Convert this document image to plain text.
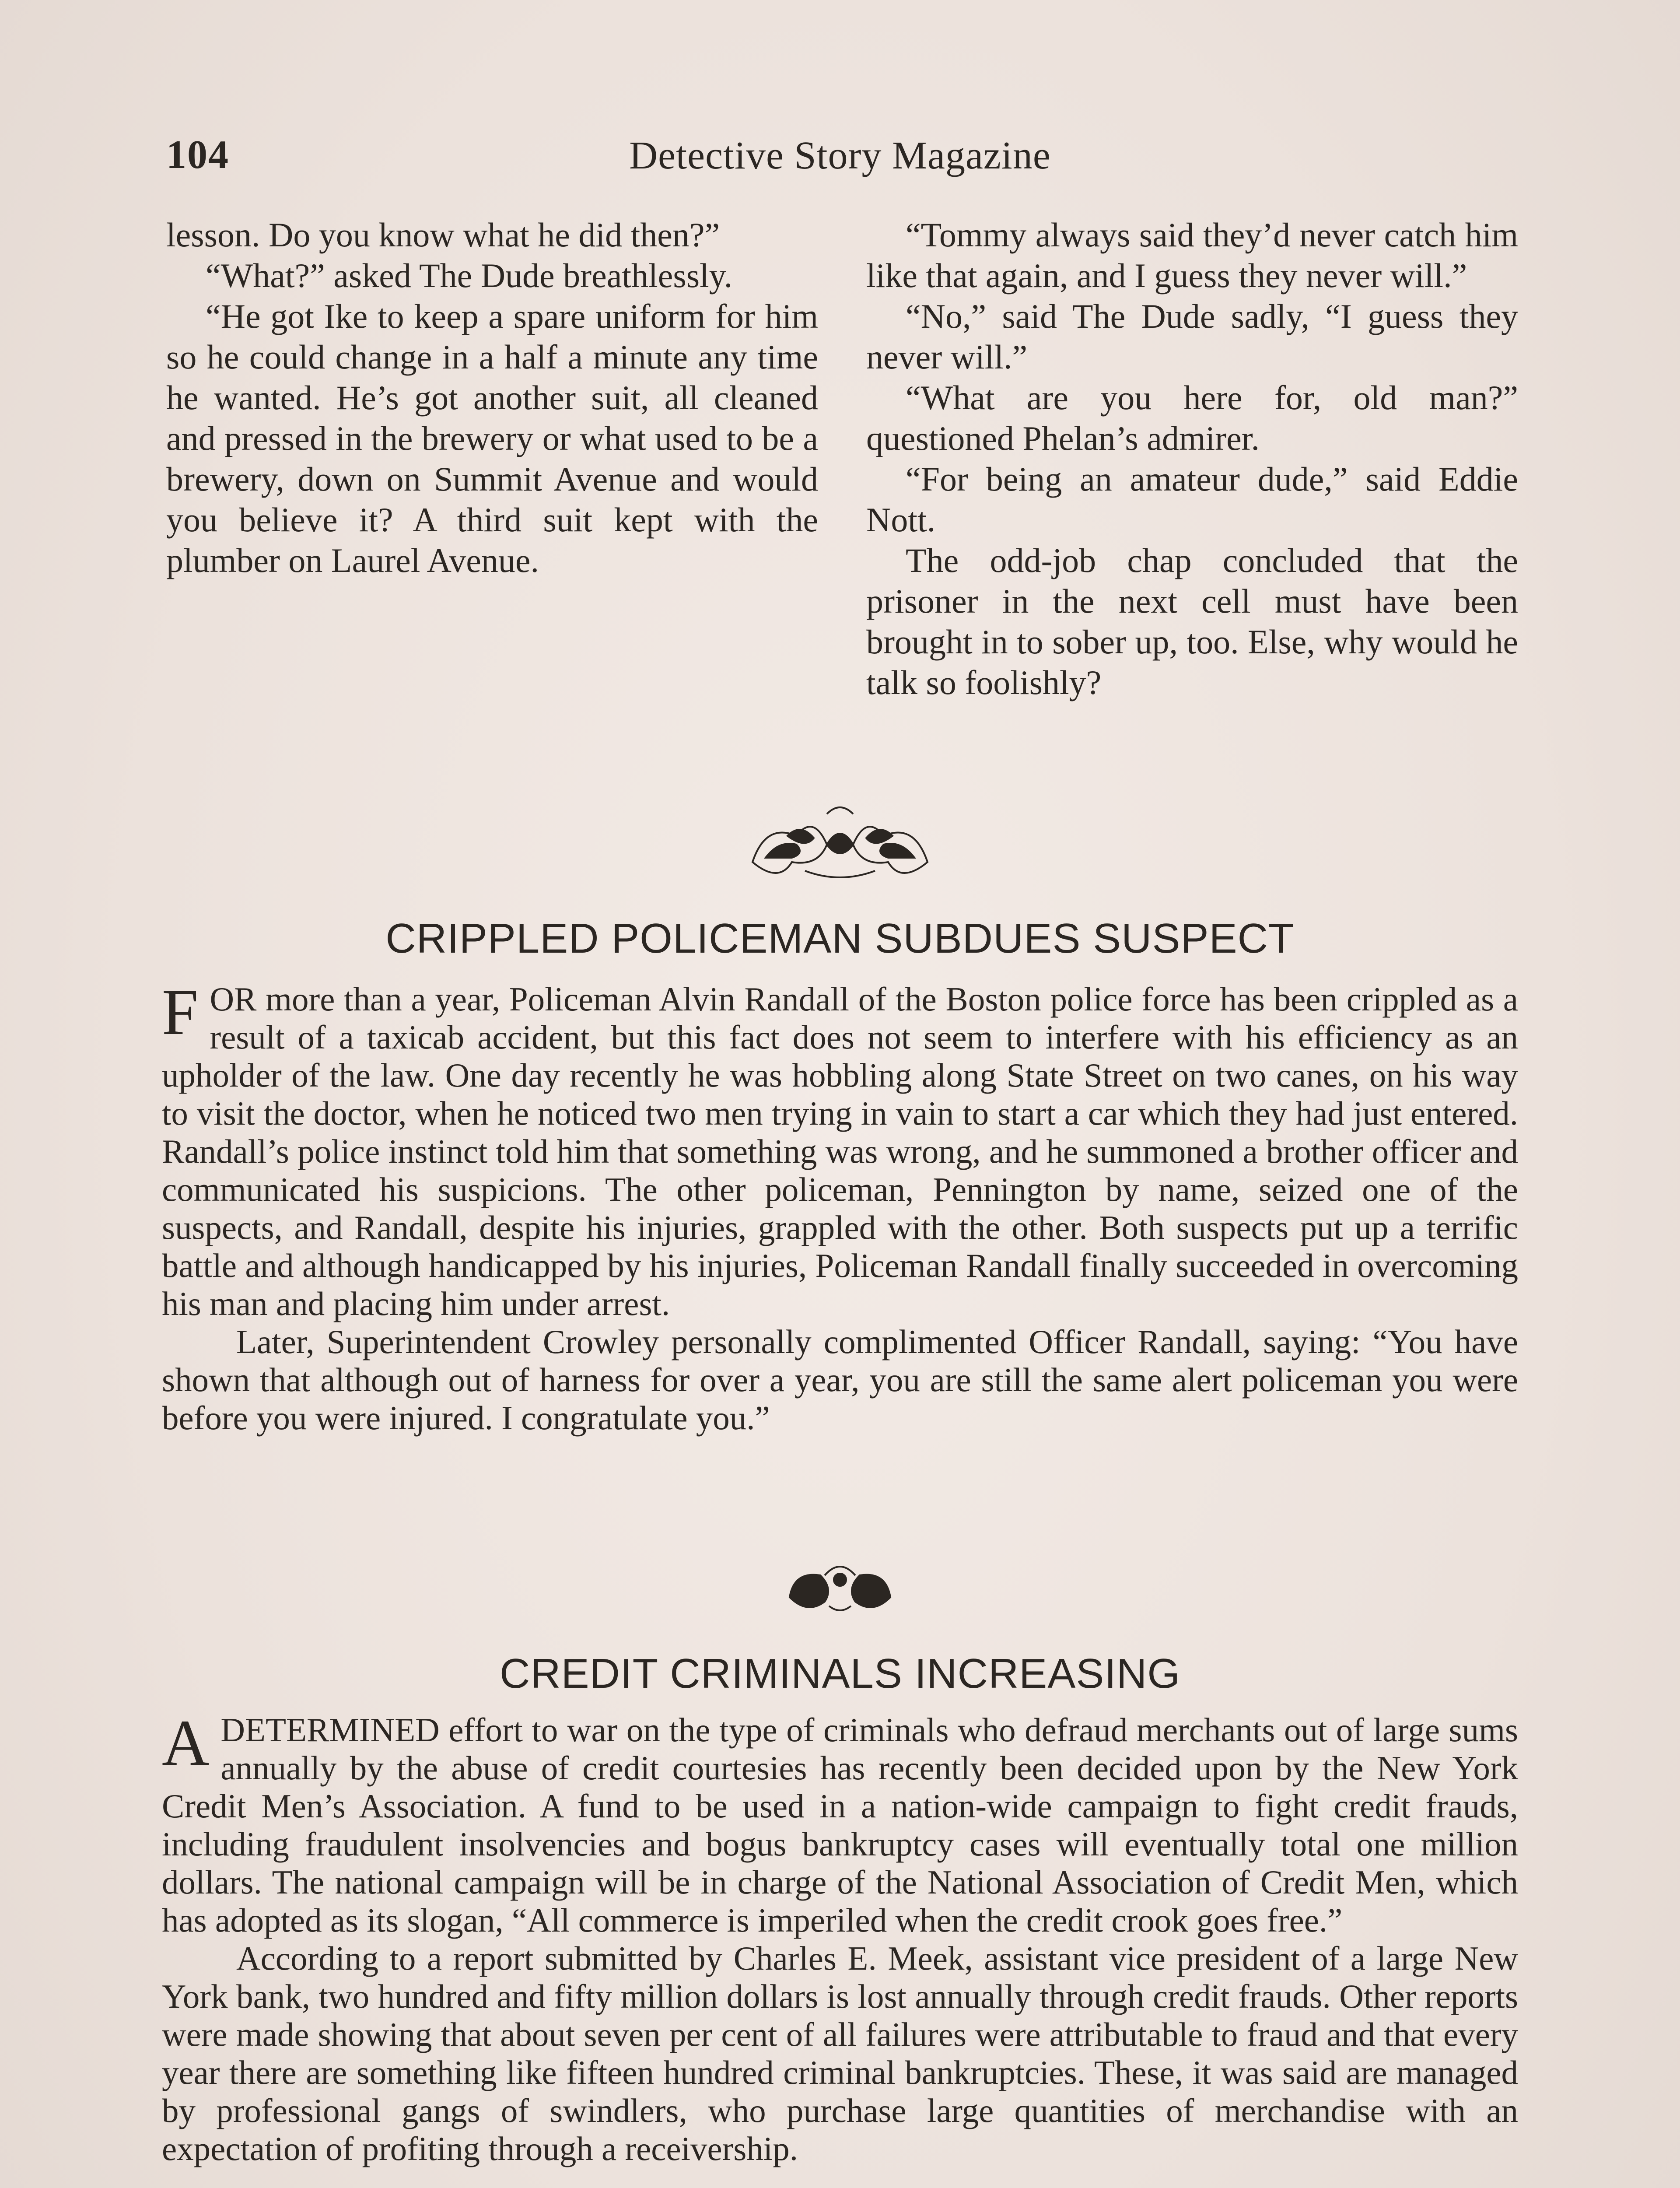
104	Detective Story Magazine

lesson. Do you know what he did then?”

“What?” asked The Dude breathlessly.

“He got Ike to keep a spare uniform for him so he could change in a half a minute any time he wanted. He’s got another suit, all cleaned and pressed in the brewery or what used to be a brewery, down on Summit Avenue and would you believe it? A third suit kept with the plumber on Laurel Avenue.

“Tommy always said they’d never catch him like that again, and I guess they never will.”

“No,” said The Dude sadly, “I guess they never will.”

“What are you here for, old man?” questioned Phelan’s admirer.

“For being an amateur dude,” said Eddie Nott.

The odd-job chap concluded that the prisoner in the next cell must have been brought in to sober up, too. Else, why would he talk so foolishly?

CRIPPLED POLICEMAN SUBDUES SUSPECT

FOR more than a year, Policeman Alvin Randall of the Boston police force has been crippled as a result of a taxicab accident, but this fact does not seem to interfere with his efficiency as an upholder of the law. One day recently he was hobbling along State Street on two canes, on his way to visit the doctor, when he noticed two men trying in vain to start a car which they had just entered. Randall’s police instinct told him that something was wrong, and he summoned a brother officer and communicated his suspicions. The other policeman, Pennington by name, seized one of the suspects, and Randall, despite his injuries, grappled with the other. Both suspects put up a terrific battle and although handicapped by his injuries, Policeman Randall finally succeeded in overcoming his man and placing him under arrest.

Later, Superintendent Crowley personally complimented Officer Randall, saying: “You have shown that although out of harness for over a year, you are still the same alert policeman you were before you were injured. I congratulate you.”

CREDIT CRIMINALS INCREASING

ADETERMINED effort to war on the type of criminals who defraud merchants out of large sums annually by the abuse of credit courtesies has recently been decided upon by the New York Credit Men’s Association. A fund to be used in a nation-wide campaign to fight credit frauds, including fraudulent insolvencies and bogus bankruptcy cases will eventually total one million dollars. The national campaign will be in charge of the National Association of Credit Men, which has adopted as its slogan, “All commerce is imperiled when the credit crook goes free.”

According to a report submitted by Charles E. Meek, assistant vice president of a large New York bank, two hundred and fifty million dollars is lost annually through credit frauds. Other reports were made showing that about seven per cent of all failures were attributable to fraud and that every year there are something like fifteen hundred criminal bankruptcies. These, it was said are managed by professional gangs of swindlers, who purchase large quantities of merchandise with an expectation of profiting through a receivership.
